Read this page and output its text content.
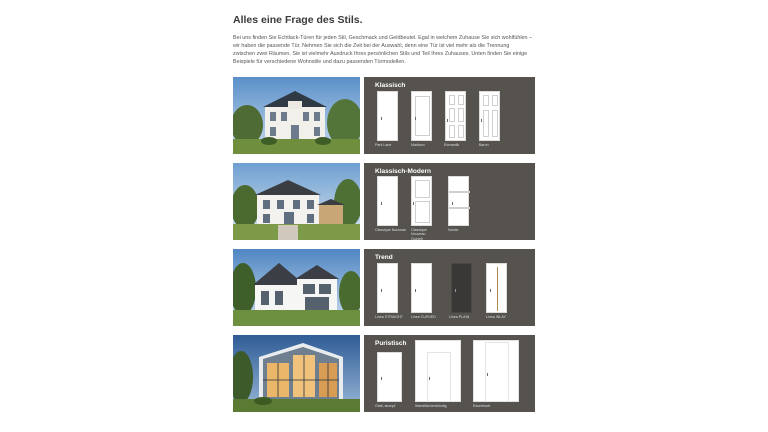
Alles eine Frage des Stils.
Bei uns finden Sie Echtlack-Türen für jeden Stil, Geschmack und Geldbeutel. Egal in welchem Zuhause Sie sich wohlfühlen – wir haben die passende Tür. Nehmen Sie sich die Zeit bei der Auswahl, denn eine Tür ist viel mehr als die Trennung zwischen zwei Räumen. Sie ist vielmehr Ausdruck Ihres persönlichen Stils und Teil Ihres Zuhauses. Unten finden Sie einige Beispiele für verschiedene Wohnstile und dazu passenden Türmodellen.
Klassisch
Park Lane	Madison	Romantik	Baron
Klassisch-Modern
Classique Nouveau Classique Nouveau Quinett
Nordic
Trend
Linea STRAIGHT Linea CURVED	Linea PLAIN	Linea INLAY
Puristisch
Glatt, stumpf	Wandflächenbündig	Raumhoch
